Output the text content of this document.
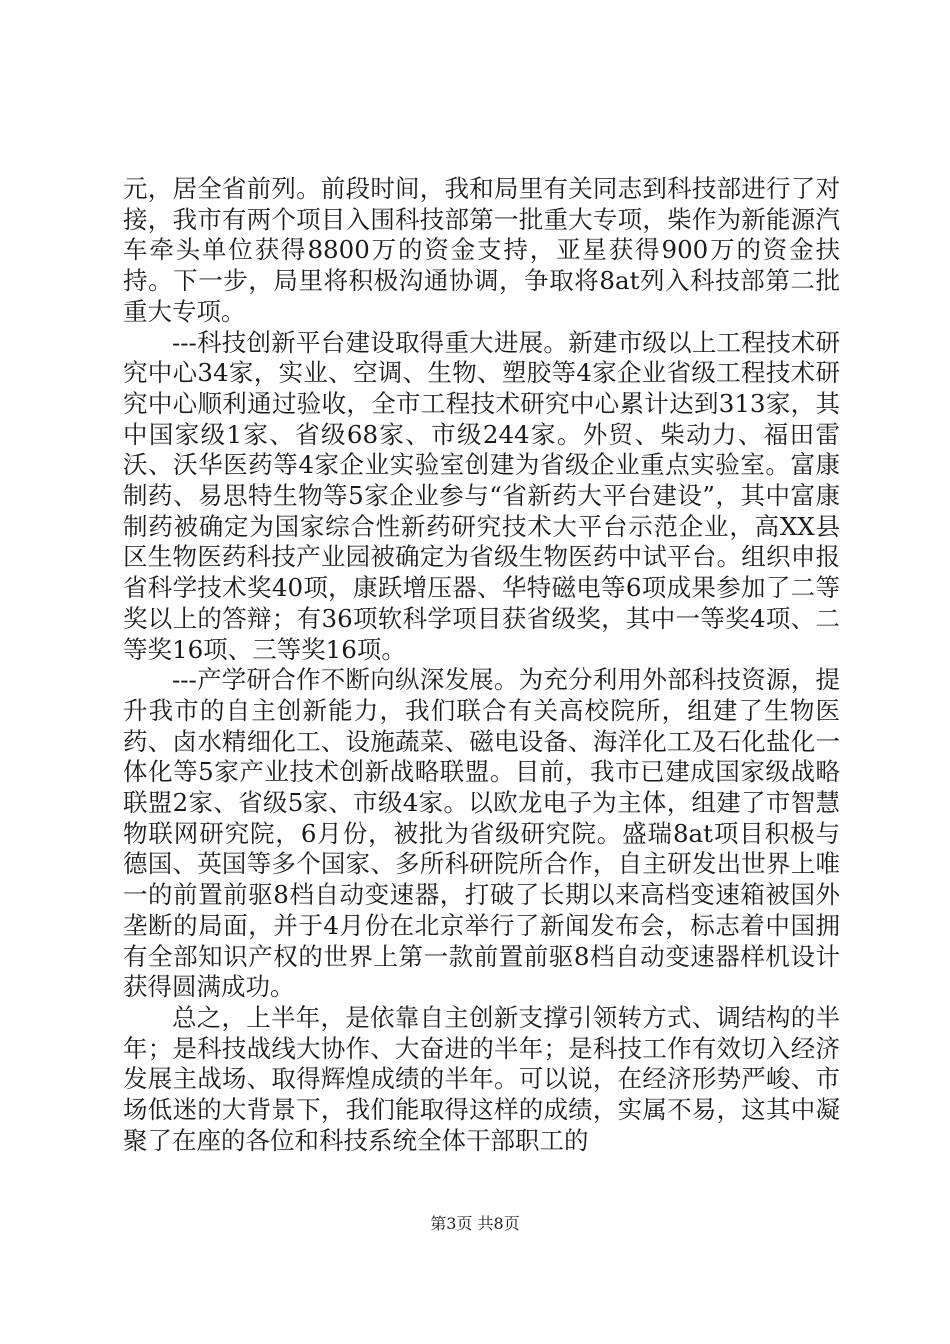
元，居全省前列。前段时间，我和局里有关同志到科技部进行了对接，我市有两个项目入围科技部第一批重大专项，柴作为新能源汽车牵头单位获得8800万的资金支持，亚星获得900万的资金扶持。下一步，局里将积极沟通协调，争取将8at列入科技部第二批重大专项。

---科技创新平台建设取得重大进展。新建市级以上工程技术研究中心34家，实业、空调、生物、塑胶等4家企业省级工程技术研究中心顺利通过验收，全市工程技术研究中心累计达到313家，其中国家级1家、省级68家、市级244家。外贸、柴动力、福田雷沃、沃华医药等4家企业实验室创建为省级企业重点实验室。富康制药、易思特生物等5家企业参与“省新药大平台建设”，其中富康制药被确定为国家综合性新药研究技术大平台示范企业，高XX县区生物医药科技产业园被确定为省级生物医药中试平台。组织申报省科学技术奖40项，康跃增压器、华特磁电等6项成果参加了二等奖以上的答辩；有36项软科学项目获省级奖，其中一等奖4项、二等奖16项、三等奖16项。

---产学研合作不断向纵深发展。为充分利用外部科技资源，提升我市的自主创新能力，我们联合有关高校院所，组建了生物医药、卤水精细化工、设施蔬菜、磁电设备、海洋化工及石化盐化一体化等5家产业技术创新战略联盟。目前，我市已建成国家级战略联盟2家、省级5家、市级4家。以欧龙电子为主体，组建了市智慧物联网研究院，6月份，被批为省级研究院。盛瑞8at项目积极与德国、英国等多个国家、多所科研院所合作，自主研发出世界上唯一的前置前驱8档自动变速器，打破了长期以来高档变速箱被国外垄断的局面，并于4月份在北京举行了新闻发布会，标志着中国拥有全部知识产权的世界上第一款前置前驱8档自动变速器样机设计获得圆满成功。

总之，上半年，是依靠自主创新支撑引领转方式、调结构的半年；是科技战线大协作、大奋进的半年；是科技工作有效切入经济发展主战场、取得辉煌成绩的半年。可以说，在经济形势严峻、市场低迷的大背景下，我们能取得这样的成绩，实属不易，这其中凝聚了在座的各位和科技系统全体干部职工的

第3页 共8页
